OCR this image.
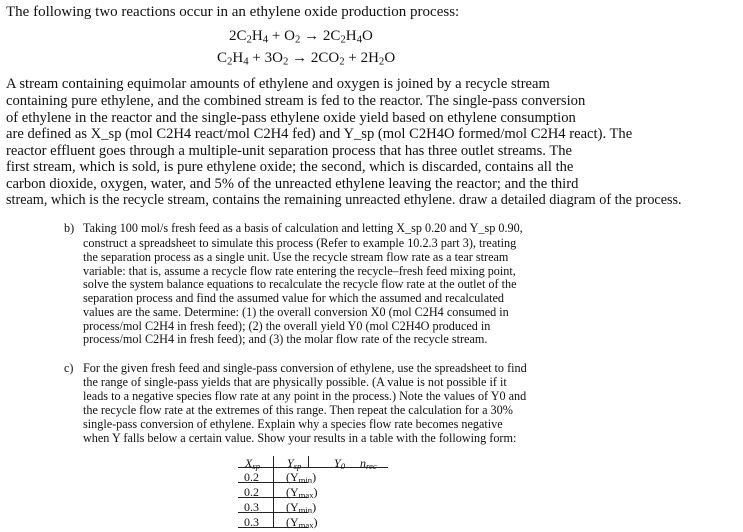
The following two reactions occur in an ethylene oxide production process:
$2C_2H_4 + O_2 \to 2C_2H_4O$
$C_2H_4 + 3O_2 \to 2CO_2 + 2H_2O$
A stream containing equimolar amounts of ethylene and oxygen is joined by a recycle stream
containing pure ethylene, and the combined stream is fed to the reactor. The single-pass conversion
of ethylene in the reactor and the single-pass ethylene oxide yield based on ethylene consumption
are defined as X_sp (mol C2H4 react/mol C2H4 fed) and Y_sp (mol C2H4O formed/mol C2H4 react). The
reactor effluent goes through a multiple-unit separation process that has three outlet streams. The
first stream, which is sold, is pure ethylene oxide; the second, which is discarded, contains all the
carbon dioxide, oxygen, water, and 5% of the unreacted ethylene leaving the reactor; and the third
stream, which is the recycle stream, contains the remaining unreacted ethylene. draw a detailed diagram of the process.
b) Taking 100 mol/s fresh feed as a basis of calculation and letting X_sp 0.20 and Y_sp 0.90,
construct a spreadsheet to simulate this process (Refer to example 10.2.3 part 3), treating
the separation process as a single unit. Use the recycle stream flow rate as a tear stream
variable: that is, assume a recycle flow rate entering the recycle–fresh feed mixing point,
solve the system balance equations to recalculate the recycle flow rate at the outlet of the
separation process and find the assumed value for which the assumed and recalculated
values are the same. Determine: (1) the overall conversion X0 (mol C2H4 consumed in
process/mol C2H4 in fresh feed); (2) the overall yield Y0 (mol C2H4O produced in
process/mol C2H4 in fresh feed); and (3) the molar flow rate of the recycle stream.
c) For the given fresh feed and single-pass conversion of ethylene, use the spreadsheet to find
the range of single-pass yields that are physically possible. (A value is not possible if it
leads to a negative species flow rate at any point in the process.) Note the values of Y0 and
the recycle flow rate at the extremes of this range. Then repeat the calculation for a 30%
single-pass conversion of ethylene. Explain why a species flow rate becomes negative
when Y falls below a certain value. Show your results in a table with the following form:
$X_{sp}$ $Y_{sp}$	$Y_0$ $n_{rec}$
0.2 $(Y_{min})$
0.2 $(Y_{max})$
0.3 $(Y_{min})$
0.3 $(Y_{max})$
